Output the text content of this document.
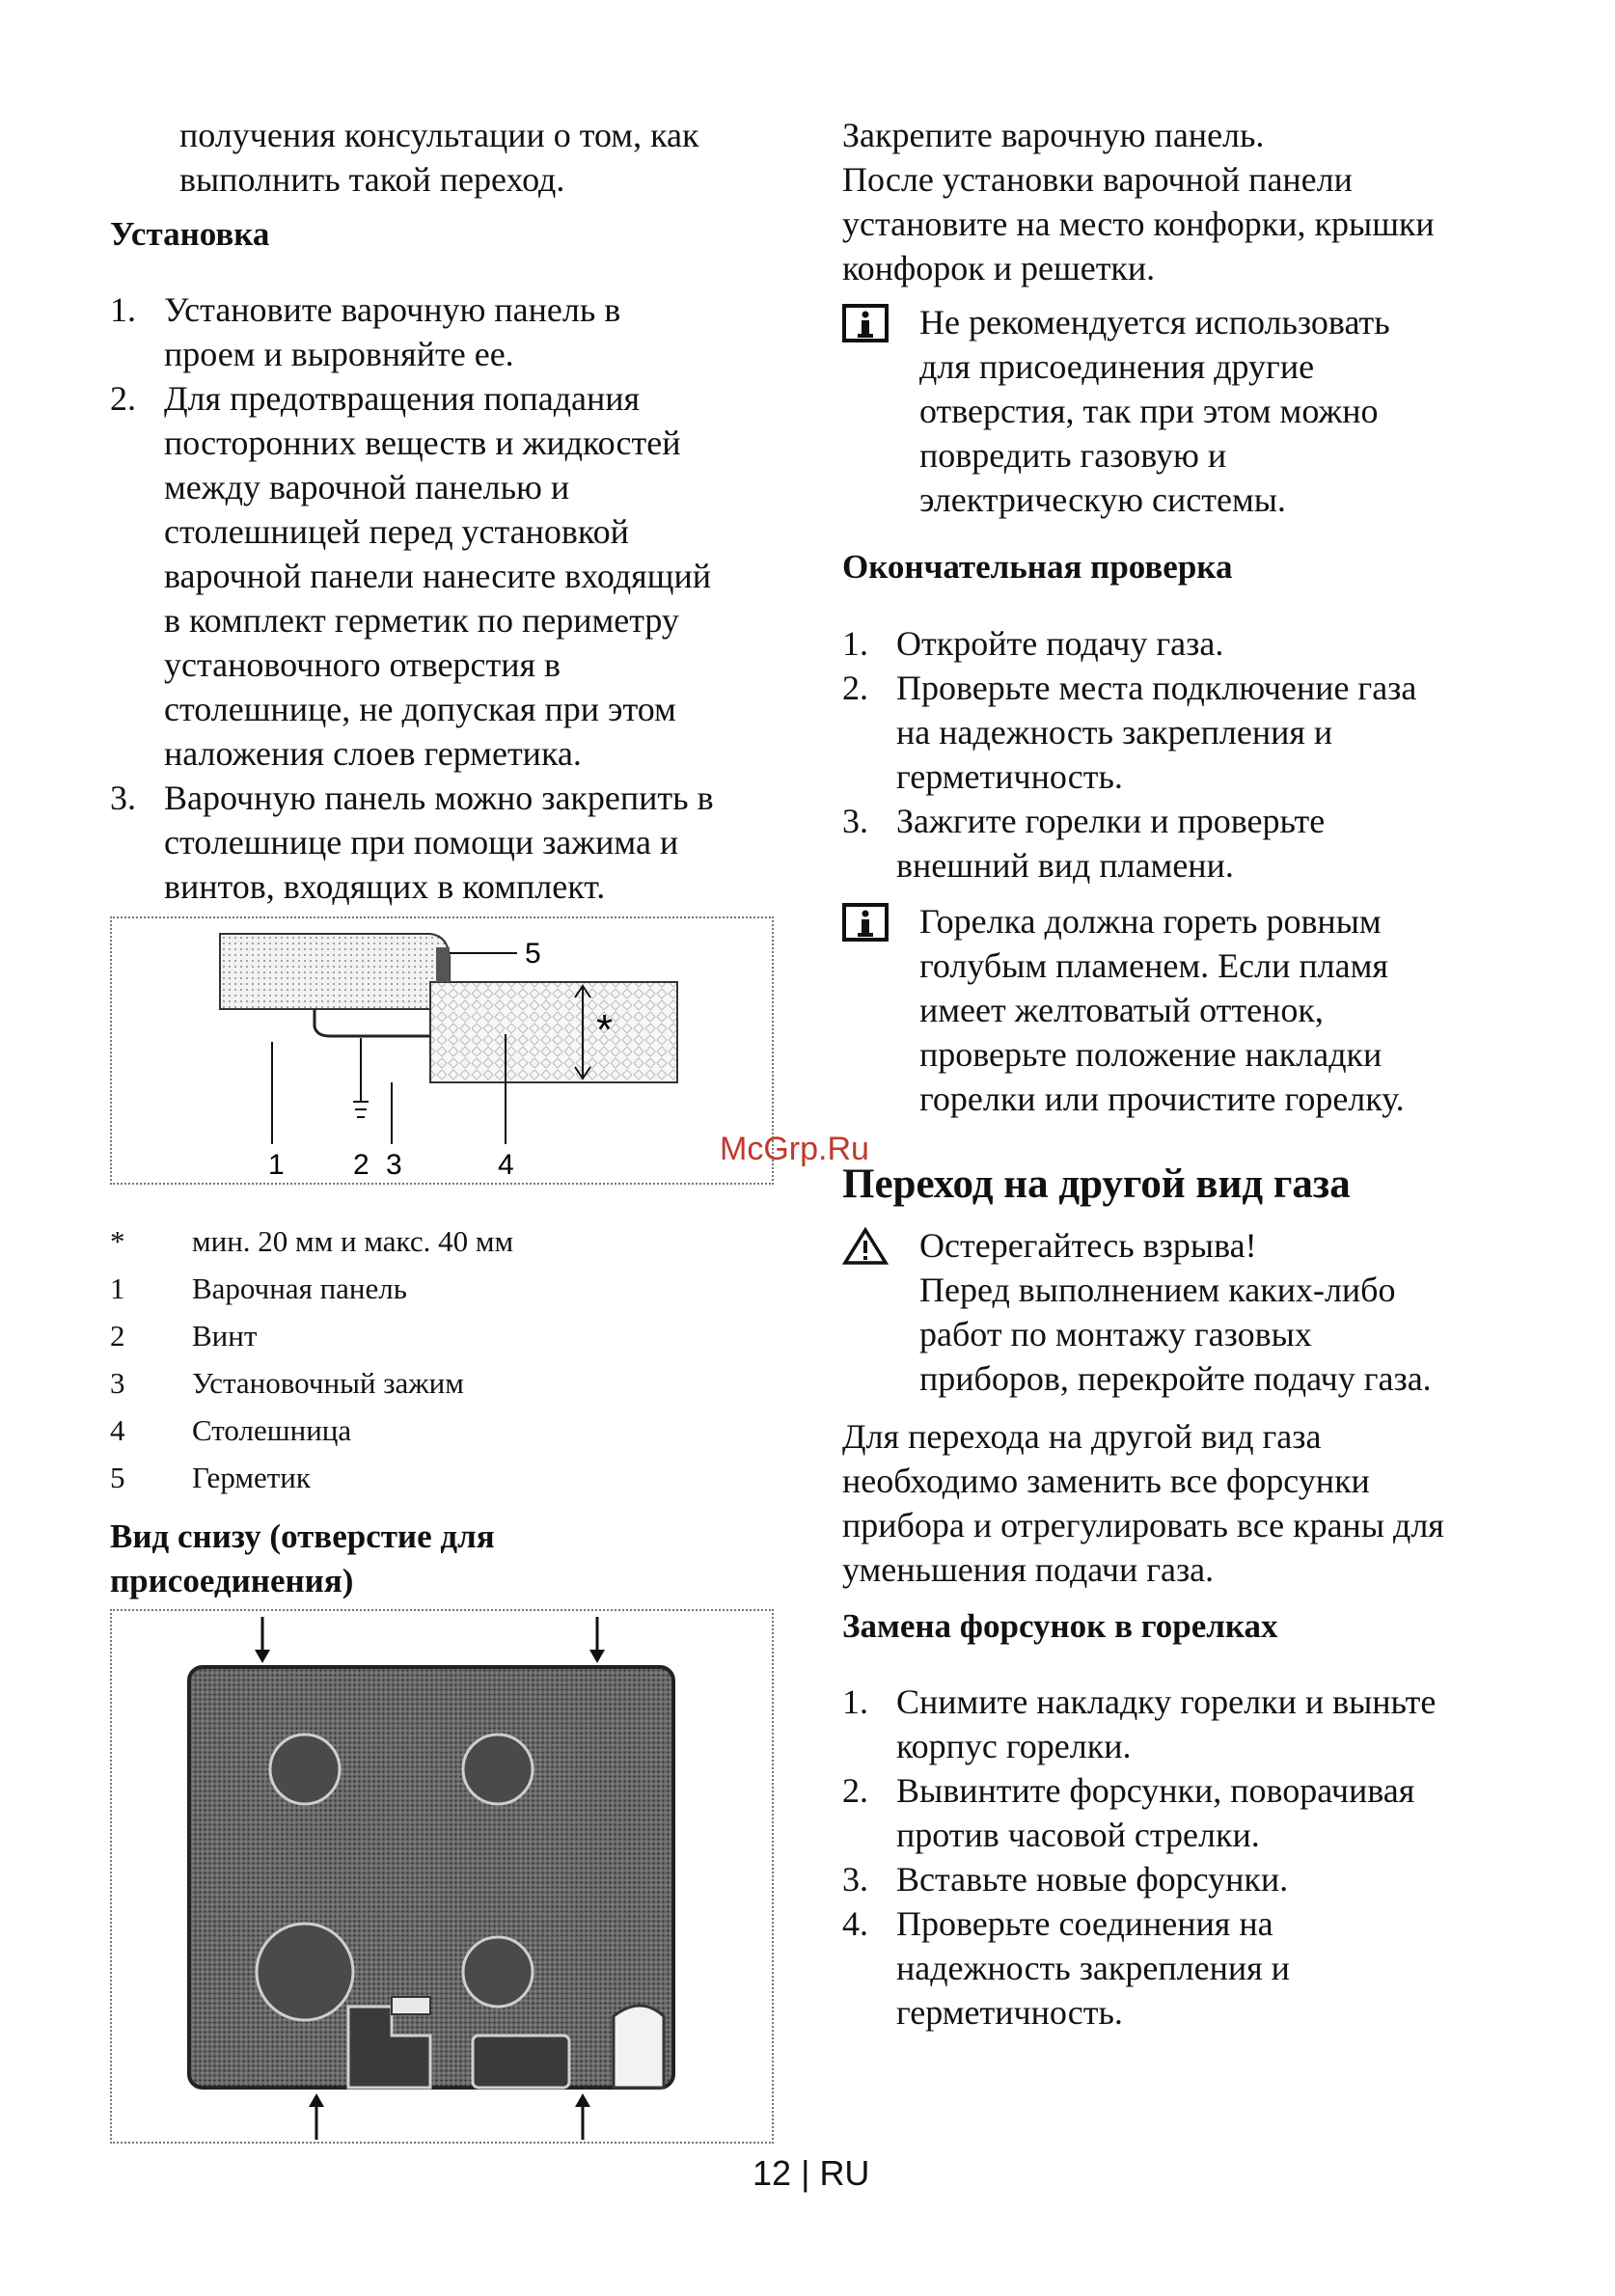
получения консультации о том, как
выполнить такой переход.
Установка
1. Установите варочную панель в
проем и выровняйте ее.
2. Для предотвращения попадания
посторонних веществ и жидкостей
между варочной панелью и
столешницей перед установкой
варочной панели нанесите входящий
в комплект герметик по периметру
установочного отверстия в
столешнице, не допуская при этом
наложения слоев герметика.
3. Варочную панель можно закрепить в
столешнице при помощи зажима и
винтов, входящих в комплект.
1 2 3	4
5
*
*	мин. 20 мм и макс. 40 мм
1	Варочная панель
2	Винт
3	Установочный зажим
4	Столешница
5	Герметик
Вид снизу (отверстие для
присоединения)
Закрепите варочную панель.
После установки варочной панели
установите на место конфорки, крышки
конфорок и решетки.
Не рекомендуется использовать
для присоединения другие
отверстия, так при этом можно
повредить газовую и
электрическую системы.
Окончательная проверка
1. Откройте подачу газа.
2. Проверьте места подключение газа
на надежность закрепления и
герметичность.
3. Зажгите горелки и проверьте
внешний вид пламени.
Горелка должна гореть ровным
голубым пламенем. Если пламя
имеет желтоватый оттенок,
проверьте положение накладки
горелки или прочистите горелку.
McGrp.Ru
Переход на другой вид газа
Остерегайтесь взрыва!
Перед выполнением каких-либо
работ по монтажу газовых
приборов, перекройте подачу газа.
Для перехода на другой вид газа
необходимо заменить все форсунки
прибора и отрегулировать все краны для
уменьшения подачи газа.
Замена форсунок в горелках
1. Снимите накладку горелки и выньте
корпус горелки.
2. Вывинтите форсунки, поворачивая
против часовой стрелки.
3. Вставьте новые форсунки.
4. Проверьте соединения на
надежность закрепления и
герметичность.
12 | RU
